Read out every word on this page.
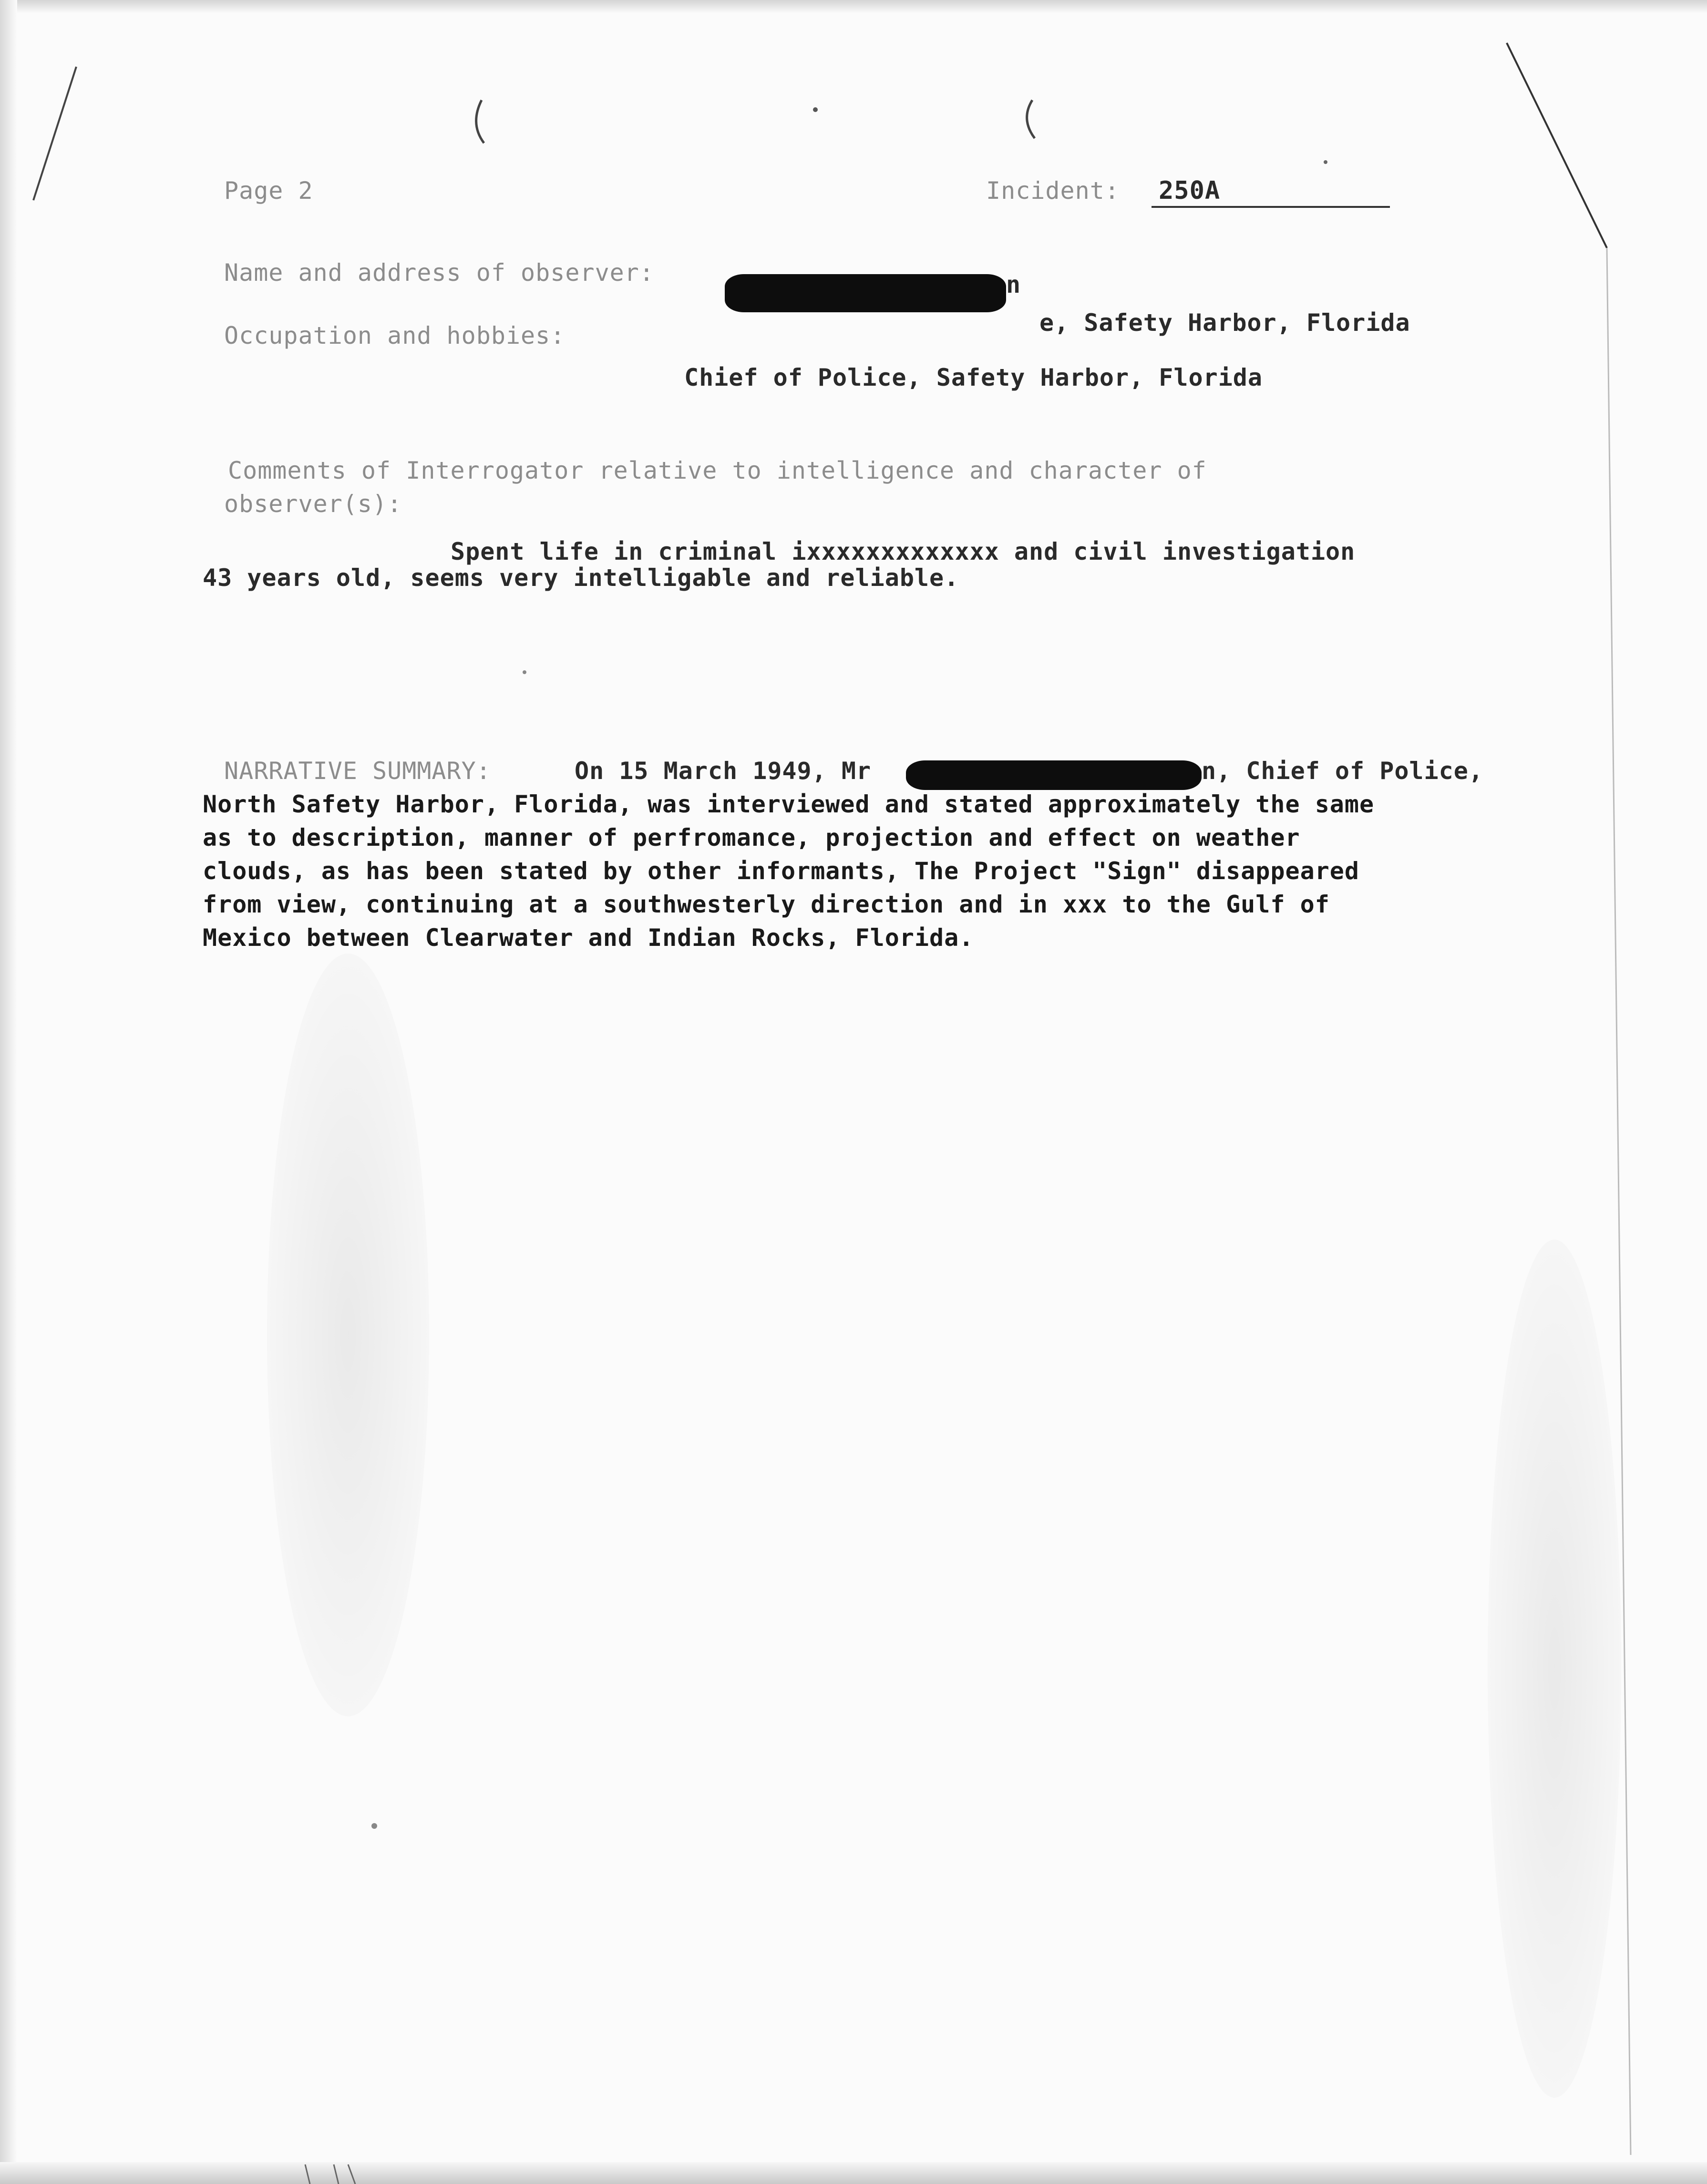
Page 2	Incident: 250A
Name and address of observer:	n
e, Safety Harbor, Florida
Occupation and hobbies:
Chief of Police, Safety Harbor, Florida
Comments of Interrogator relative to intelligence and character of
observer(s):
Spent life in criminal ixxxxxxxxxxxxx and civil investigation
43 years old, seems very intelligable and reliable.
NARRATIVE SUMMARY:	On 15 March 1949, Mr	n, Chief of Police,
North Safety Harbor, Florida, was interviewed and stated approximately the same
as to description, manner of perfromance, projection and effect on weather
clouds, as has been stated by other informants, The Project "Sign" disappeared
from view, continuing at a southwesterly direction and in xxx to the Gulf of
Mexico between Clearwater and Indian Rocks, Florida.
